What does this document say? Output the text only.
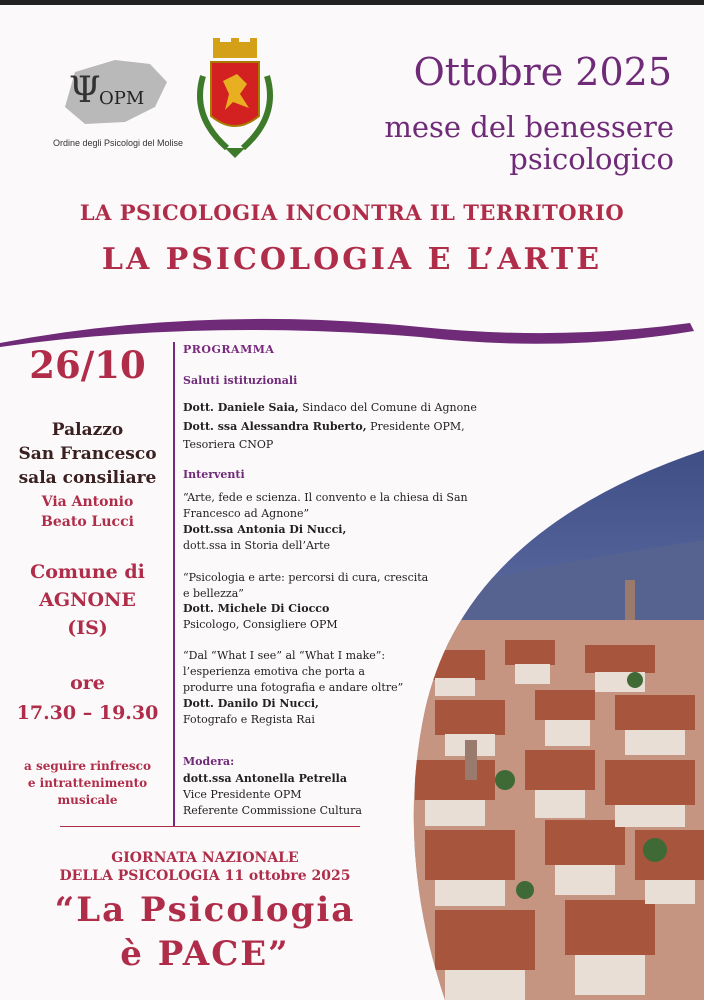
Ψ
OPM
Ordine degli Psicologi del Molise
Ottobre 2025
mese del benessere
psicologico
LA PSICOLOGIA INCONTRA IL TERRITORIO
LA PSICOLOGIA E L’ARTE
26/10
Palazzo
San Francesco
sala consiliare
Via Antonio
Beato Lucci
Comune di
AGNONE
(IS)
ore
17.30 – 19.30
a seguire rinfresco
e intrattenimento
musicale
PROGRAMMA
Saluti istituzionali
Dott. Daniele Saia, Sindaco del Comune di Agnone
Dott. ssa Alessandra Ruberto, Presidente OPM,
Tesoriera CNOP
Interventi
“Arte, fede e scienza. Il convento e la chiesa di San
Francesco ad Agnone”
Dott.ssa Antonia Di Nucci,
dott.ssa in Storia dell’Arte
“Psicologia e arte: percorsi di cura, crescita
e bellezza”
Dott. Michele Di Ciocco
Psicologo, Consigliere OPM
“Dal “What I see” al “What I make”:
l’esperienza emotiva che porta a
produrre una fotografia e andare oltre”
Dott. Danilo Di Nucci,
Fotografo e Regista Rai
Modera:
dott.ssa Antonella Petrella
Vice Presidente OPM
Referente Commissione Cultura
GIORNATA NAZIONALE
DELLA PSICOLOGIA 11 ottobre 2025
“La Psicologia
è PACE”
